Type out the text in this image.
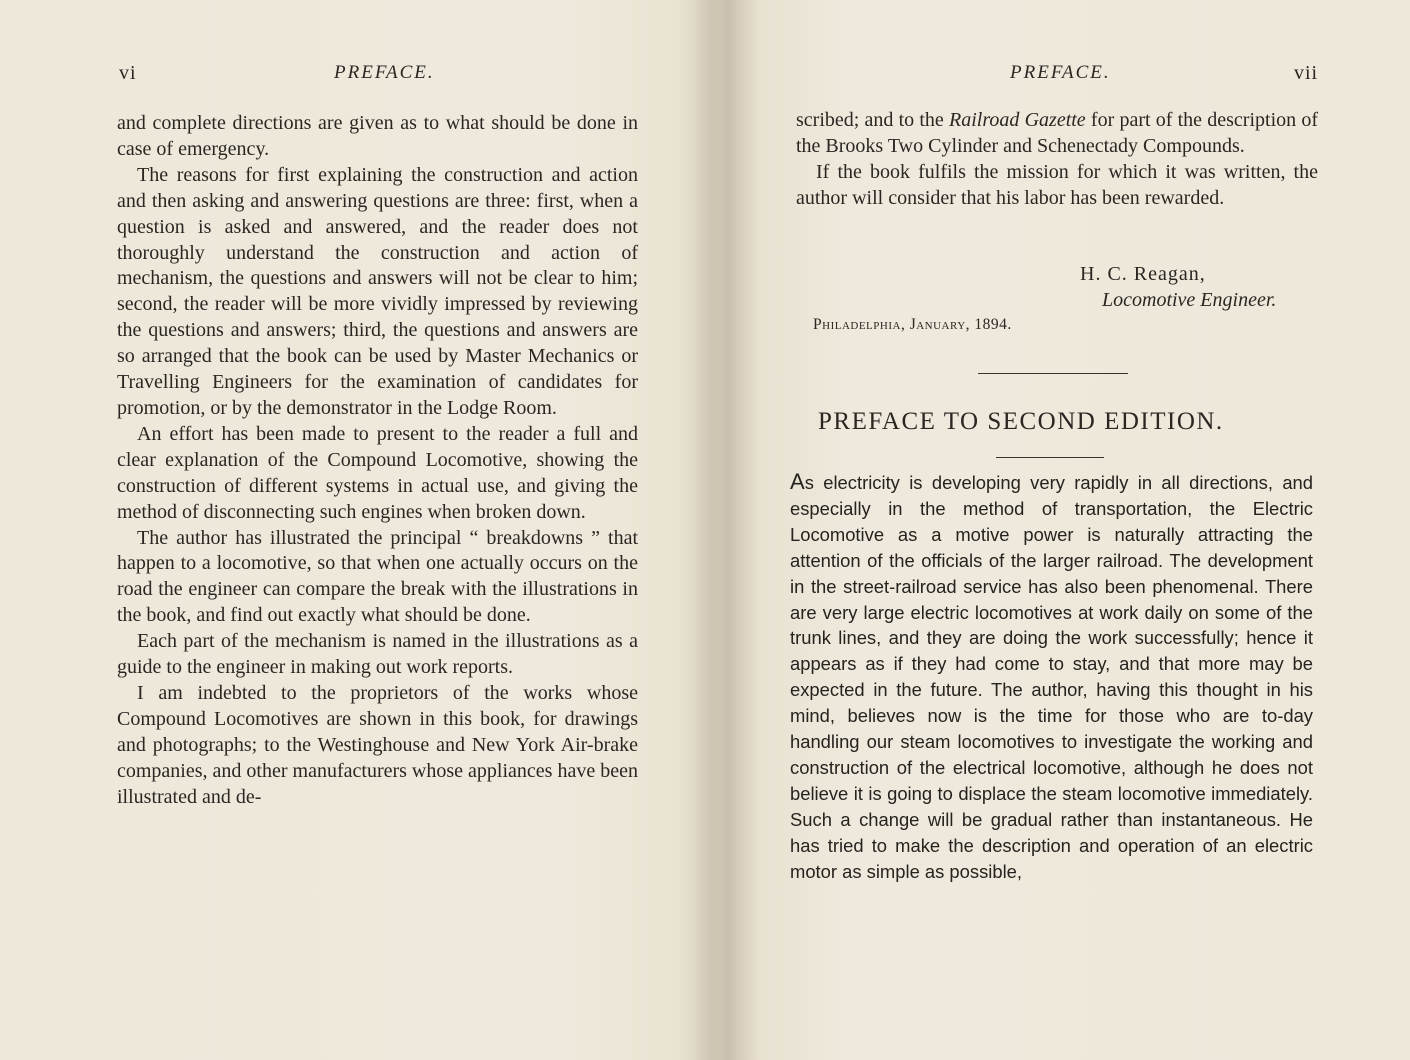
vi	PREFACE.

and complete directions are given as to what should be done in case of emergency.

The reasons for first explaining the construction and action and then asking and answering questions are three: first, when a question is asked and answered, and the reader does not thoroughly understand the construction and action of mechanism, the questions and answers will not be clear to him; second, the reader will be more vividly impressed by reviewing the questions and answers; third, the questions and answers are so arranged that the book can be used by Master Mechanics or Travelling Engineers for the examination of candidates for promotion, or by the demonstrator in the Lodge Room.

An effort has been made to present to the reader a full and clear explanation of the Compound Locomotive, showing the construction of different systems in actual use, and giving the method of disconnecting such engines when broken down.

The author has illustrated the principal “ breakdowns ” that happen to a locomotive, so that when one actually occurs on the road the engineer can compare the break with the illustrations in the book, and find out exactly what should be done.

Each part of the mechanism is named in the illustrations as a guide to the engineer in making out work reports.

I am indebted to the proprietors of the works whose Compound Locomotives are shown in this book, for drawings and photographs; to the Westinghouse and New York Air-brake companies, and other manufacturers whose appliances have been illustrated and de-

PREFACE.	vii

scribed; and to the Railroad Gazette for part of the description of the Brooks Two Cylinder and Schenectady Compounds.

If the book fulfils the mission for which it was written, the author will consider that his labor has been rewarded.

H. C. Reagan,
Locomotive Engineer.
Philadelphia, January, 1894.
PREFACE TO SECOND EDITION.

As electricity is developing very rapidly in all directions, and especially in the method of transportation, the Electric Locomotive as a motive power is naturally attracting the attention of the officials of the larger railroad. The development in the street-railroad service has also been phenomenal. There are very large electric locomotives at work daily on some of the trunk lines, and they are doing the work successfully; hence it appears as if they had come to stay, and that more may be expected in the future. The author, having this thought in his mind, believes now is the time for those who are to-day handling our steam locomotives to investigate the working and construction of the electrical locomotive, although he does not believe it is going to displace the steam locomotive immediately. Such a change will be gradual rather than instantaneous. He has tried to make the description and operation of an electric motor as simple as possible,
